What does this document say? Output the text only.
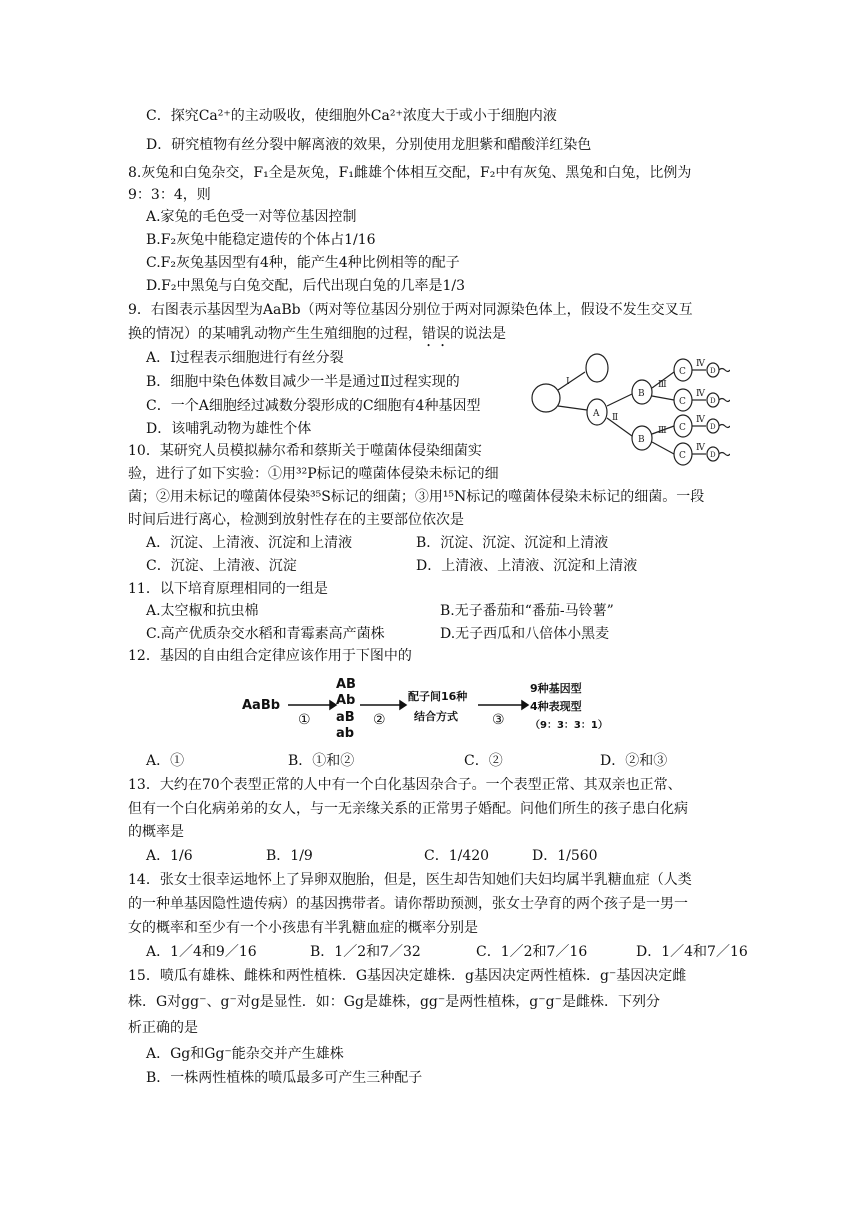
C．探究Ca²⁺的主动吸收，使细胞外Ca²⁺浓度大于或小于细胞内液
D．研究植物有丝分裂中解离液的效果，分别使用龙胆紫和醋酸洋红染色
8.灰兔和白兔杂交，F₁全是灰兔，F₁雌雄个体相互交配，F₂中有灰兔、黑兔和白兔，比例为
9：3：4，则
A.家兔的毛色受一对等位基因控制
B.F₂灰兔中能稳定遗传的个体占1/16
C.F₂灰兔基因型有4种，能产生4种比例相等的配子
D.F₂中黑兔与白兔交配，后代出现白兔的几率是1/3
9．右图表示基因型为AaBb（两对等位基因分别位于两对同源染色体上，假设不发生交叉互
换的情况）的某哺乳动物产生生殖细胞的过程，错误的说法是
A．Ⅰ过程表示细胞进行有丝分裂
B．细胞中染色体数目减少一半是通过Ⅱ过程实现的
C．一个A细胞经过减数分裂形成的C细胞有4种基因型
D．该哺乳动物为雄性个体
Ⅰ
Ⅱ
Ⅲ
Ⅲ
Ⅳ
Ⅳ
Ⅳ
Ⅳ
A
B
B
C
C
C
C
D
D
D
D
10．某研究人员模拟赫尔希和蔡斯关于噬菌体侵染细菌实
验，进行了如下实验：①用³²P标记的噬菌体侵染未标记的细
菌；②用未标记的噬菌体侵染³⁵S标记的细菌；③用¹⁵N标记的噬菌体侵染未标记的细菌。一段
时间后进行离心，检测到放射性存在的主要部位依次是
A．沉淀、上清液、沉淀和上清液	B．沉淀、沉淀、沉淀和上清液
C．沉淀、上清液、沉淀	D．上清液、上清液、沉淀和上清液
11．以下培育原理相同的一组是
A.太空椒和抗虫棉	B.无子番茄和“番茄-马铃薯”
C.高产优质杂交水稻和青霉素高产菌株	D.无子西瓜和八倍体小黑麦
12．基因的自由组合定律应该作用于下图中的
AaBb
AB
Ab
aB
ab
配子间16种
结合方式
9种基因型
4种表现型
（9：3：3：1）
①	②	③
A．①	B．①和②	C．②	D．②和③
13．大约在70个表型正常的人中有一个白化基因杂合子。一个表型正常、其双亲也正常、
但有一个白化病弟弟的女人，与一无亲缘关系的正常男子婚配。问他们所生的孩子患白化病
的概率是
A．1/6	B．1/9	C．1/420	D．1/560
14．张女士很幸运地怀上了异卵双胞胎，但是，医生却告知她们夫妇均属半乳糖血症（人类
的一种单基因隐性遗传病）的基因携带者。请你帮助预测，张女士孕育的两个孩子是一男一
女的概率和至少有一个小孩患有半乳糖血症的概率分别是
A．1／4和9／16	B．1／2和7／32	C．1／2和7／16	D．1／4和7／16
15．喷瓜有雄株、雌株和两性植株．G基因决定雄株．g基因决定两性植株．g⁻基因决定雌
株．G对gg⁻、g⁻对g是显性．如：Gg是雄株，gg⁻是两性植株，g⁻g⁻是雌株．下列分
析正确的是
A．Gg和Gg⁻能杂交并产生雄株
B．一株两性植株的喷瓜最多可产生三种配子
